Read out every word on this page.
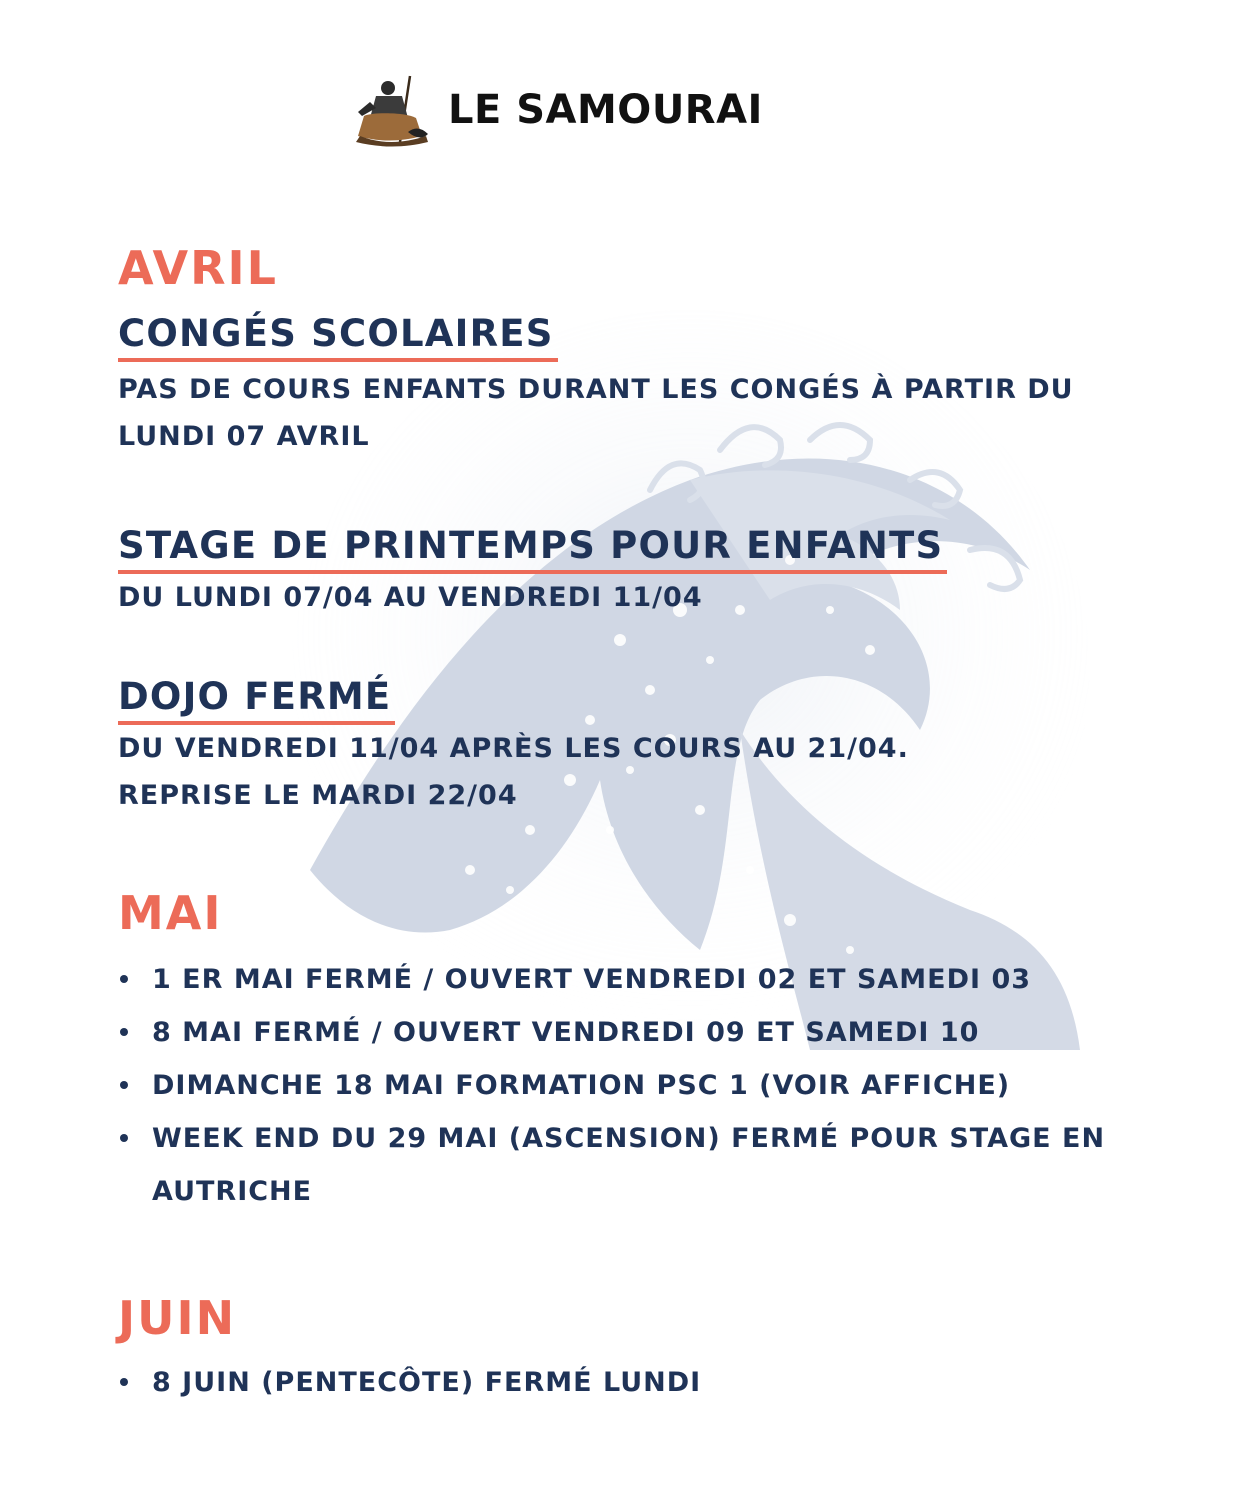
LE SAMOURAI
AVRIL
CONGÉS SCOLAIRES

PAS DE COURS ENFANTS DURANT LES CONGÉS À PARTIR DU

LUNDI 07 AVRIL

STAGE DE PRINTEMPS POUR ENFANTS

DU LUNDI 07/04 AU VENDREDI 11/04

DOJO FERMÉ

DU VENDREDI 11/04 APRÈS LES COURS AU 21/04.

REPRISE LE MARDI 22/04

MAI
1 ER MAI FERMÉ / OUVERT VENDREDI 02 ET SAMEDI 03
8 MAI FERMÉ / OUVERT VENDREDI 09 ET SAMEDI 10
DIMANCHE 18 MAI FORMATION PSC 1 (VOIR AFFICHE)
WEEK END DU 29 MAI (ASCENSION) FERMÉ POUR STAGE EN AUTRICHE
JUIN
8 JUIN (PENTECÔTE) FERMÉ LUNDI
